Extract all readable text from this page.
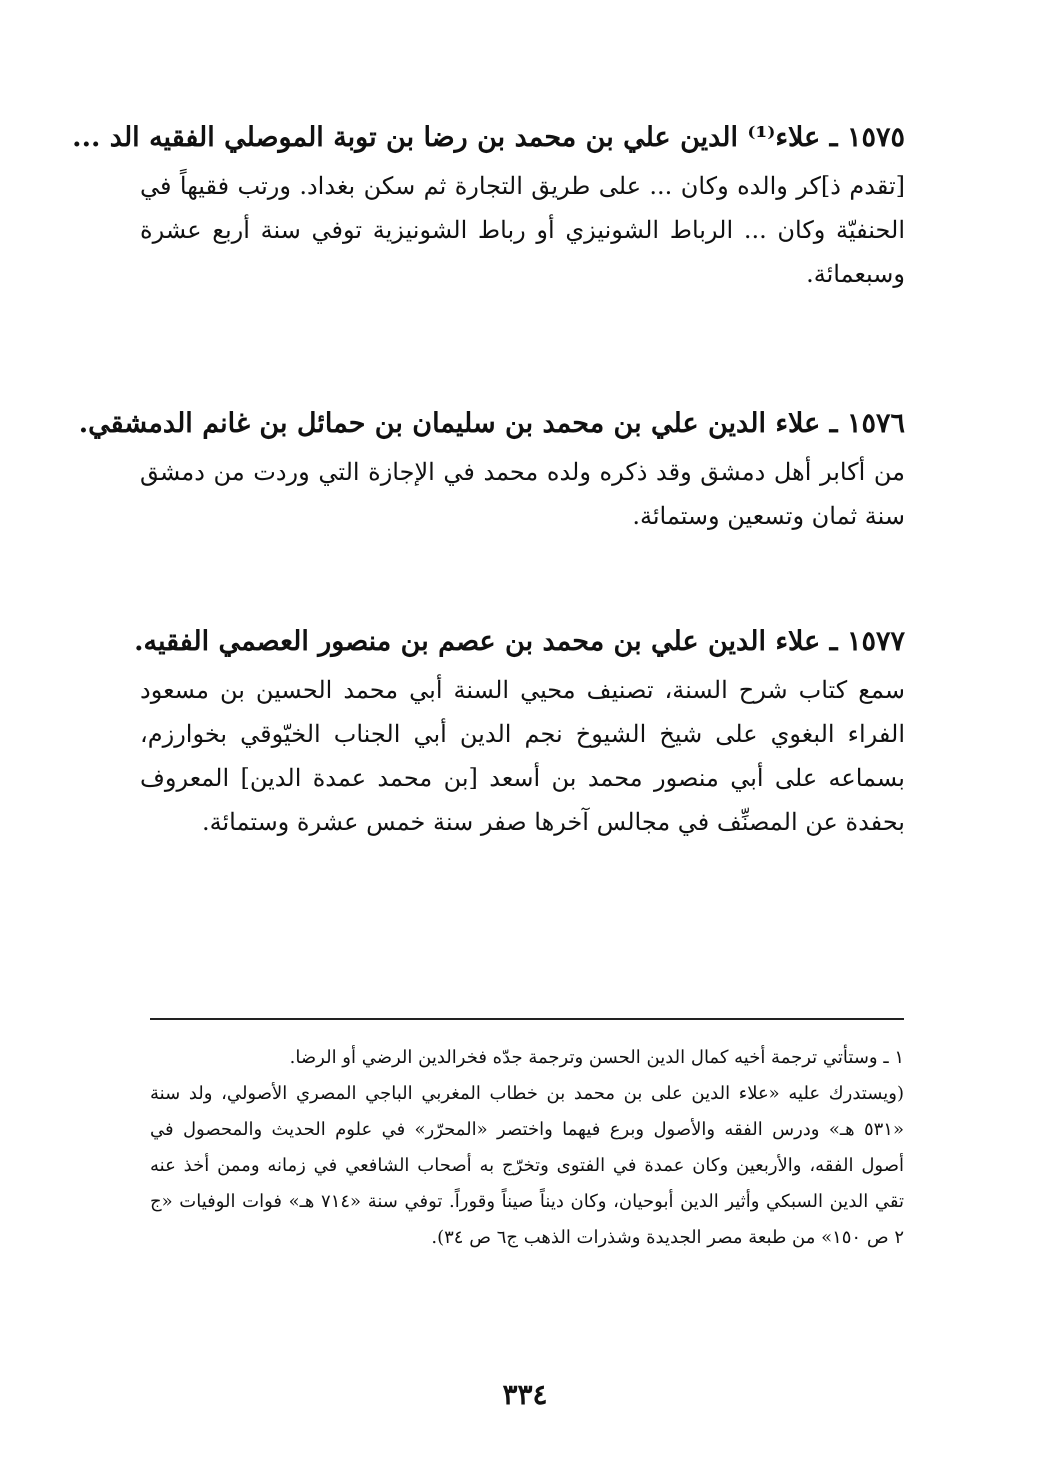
١٥٧٥ ـ علاء⁽¹⁾ الدين علي بن محمد بن رضا بن توبة الموصلي الفقيه الد ...

[تقدم ذ]كر والده وكان ... على طريق التجارة ثم سكن بغداد. ورتب فقيهاً في الحنفيّة وكان ... الرباط الشونيزي أو رباط الشونيزية توفي سنة أربع عشرة وسبعمائة.

١٥٧٦ ـ علاء الدين علي بن محمد بن سليمان بن حمائل بن غانم الدمشقي.

من أكابر أهل دمشق وقد ذكره ولده محمد في الإجازة التي وردت من دمشق سنة ثمان وتسعين وستمائة.

١٥٧٧ ـ علاء الدين علي بن محمد بن عصم بن منصور العصمي الفقيه.

سمع كتاب شرح السنة، تصنيف محيي السنة أبي محمد الحسين بن مسعود الفراء البغوي على شيخ الشيوخ نجم الدين أبي الجناب الخيّوقي بخوارزم، بسماعه على أبي منصور محمد بن أسعد [بن محمد عمدة الدين] المعروف بحفدة عن المصنِّف في مجالس آخرها صفر سنة خمس عشرة وستمائة.

١ ـ وستأتي ترجمة أخيه كمال الدين الحسن وترجمة جدّه فخرالدين الرضي أو الرضا.

(ويستدرك عليه «علاء الدين على بن محمد بن خطاب المغربي الباجي المصري الأصولي، ولد سنة «٥٣١ هـ» ودرس الفقه والأصول وبرع فيهما واختصر «المحرّر» في علوم الحديث والمحصول في أصول الفقه، والأربعين وكان عمدة في الفتوى وتخرّج به أصحاب الشافعي في زمانه وممن أخذ عنه تقي الدين السبكي وأثير الدين أبوحيان، وكان ديناً صيناً وقوراً. توفي سنة «٧١٤ هـ» فوات الوفيات «ج ٢ ص ١٥٠» من طبعة مصر الجديدة وشذرات الذهب ج٦ ص ٣٤).

٣٣٤
